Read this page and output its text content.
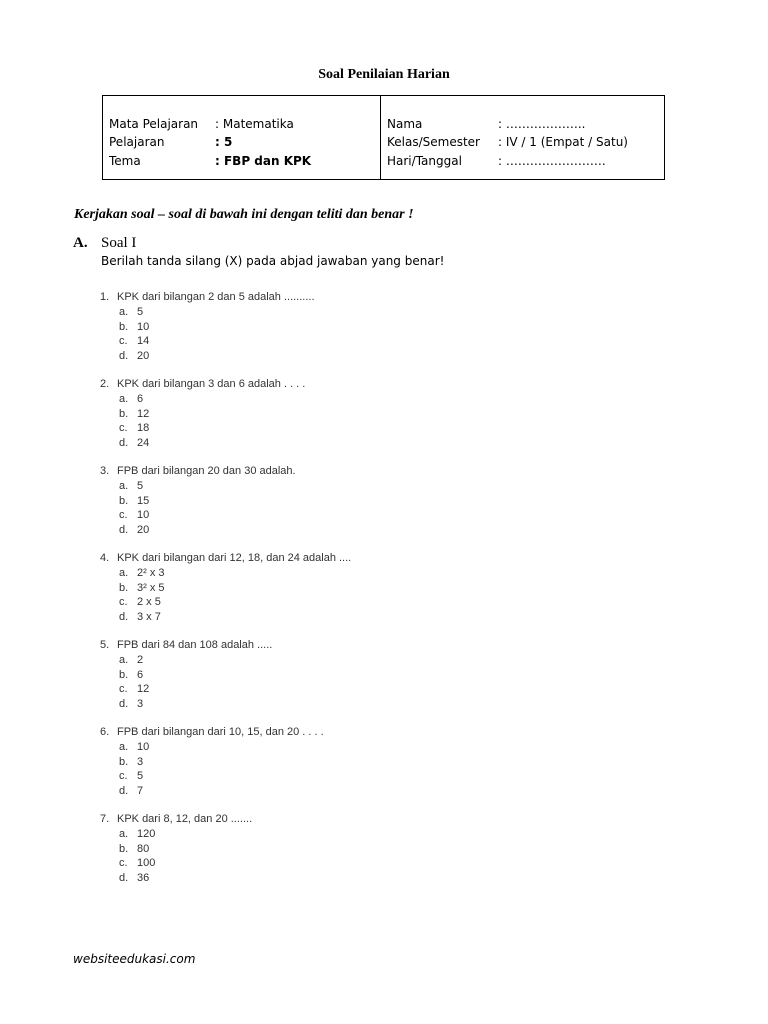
Soal Penilaian Harian
Mata Pelajaran : Matematika
Pelajaran	: 5
Tema	: FBP dan KPK
Nama	: ………………..
Kelas/Semester : IV / 1 (Empat / Satu)
Hari/Tanggal	: …………………….
Kerjakan soal – soal di bawah ini dengan teliti dan benar !
A. Soal I
Berilah tanda silang (X) pada abjad jawaban yang benar!
1. KPK dari bilangan 2 dan 5 adalah ..........
a. 5
b. 10
c. 14
d. 20
2. KPK dari bilangan 3 dan 6 adalah . . . .
a. 6
b. 12
c. 18
d. 24
3. FPB dari bilangan 20 dan 30 adalah.
a. 5
b. 15
c. 10
d. 20
4. KPK dari bilangan dari 12, 18, dan 24 adalah ....
a. 2² x 3
b. 3² x 5
c. 2 x 5
d. 3 x 7
5. FPB dari 84 dan 108 adalah .....
a. 2
b. 6
c. 12
d. 3
6. FPB dari bilangan dari 10, 15, dan 20 . . . .
a. 10
b. 3
c. 5
d. 7
7. KPK dari 8, 12, dan 20 .......
a. 120
b. 80
c. 100
d. 36
websiteedukasi.com
